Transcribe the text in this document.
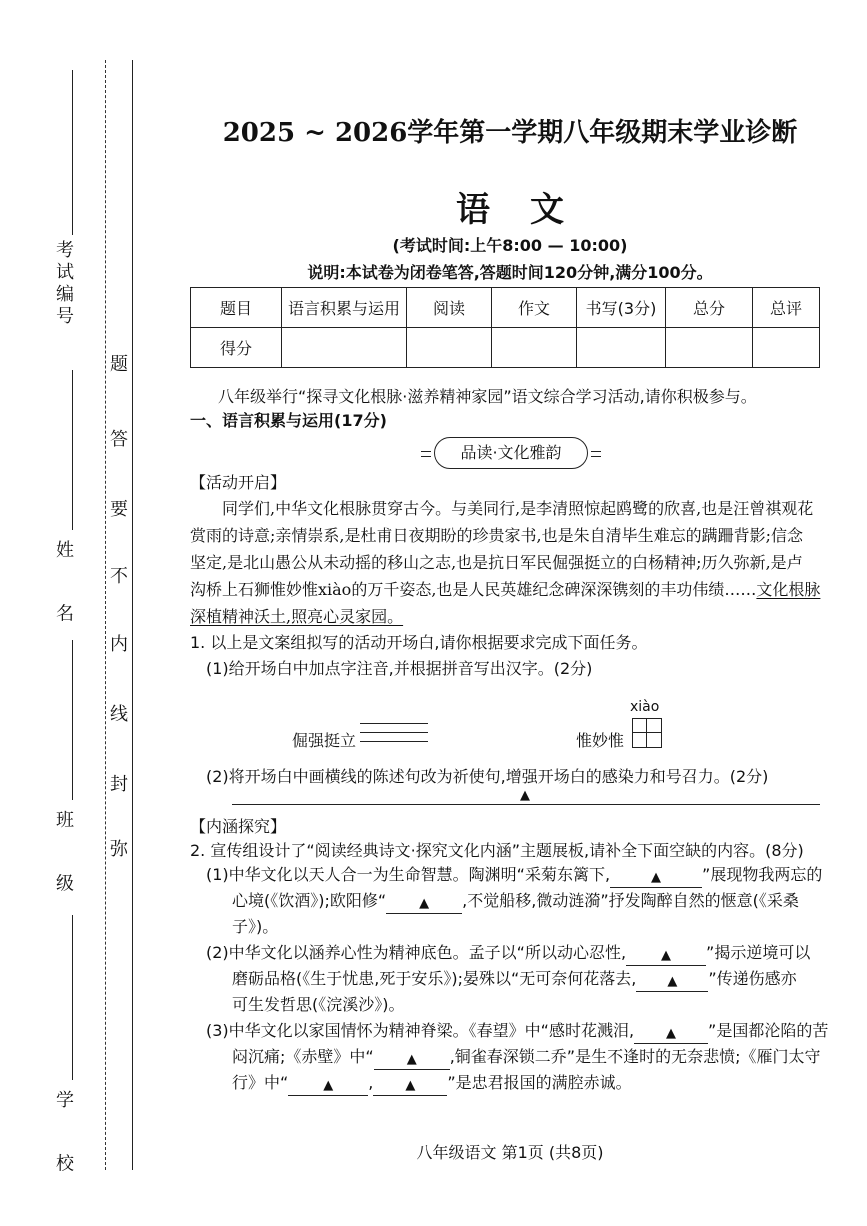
考试编号
姓 名
班 级
学 校
题
答
要
不
内
线
封
弥
2025 ~ 2026学年第一学期八年级期末学业诊断
语文
(考试时间:上午8:00 — 10:00)
说明:本试卷为闭卷笔答,答题时间120分钟,满分100分。
题目	语言积累与运用	阅读	作文	书写(3分)	总分	总评
得分						
八年级举行“探寻文化根脉·滋养精神家园”语文综合学习活动,请你积极参与。
一、语言积累与运用(17分)
品读·文化雅韵
【活动开启】
同学们,中华文化根脉贯穿古今。与美同行,是李清照惊起鸥鹭的欣喜,也是汪曾祺观花
赏雨的诗意;亲情崇系,是杜甫日夜期盼的珍贵家书,也是朱自清毕生难忘的蹒跚背影;信念
坚定,是北山愚公从未动摇的移山之志,也是抗日军民倔强挺立的白杨精神;历久弥新,是卢
沟桥上石狮惟妙惟xiào的万千姿态,也是人民英雄纪念碑深深镌刻的丰功伟绩……文化根脉
深植精神沃土,照亮心灵家园。
1. 以上是文案组拟写的活动开场白,请你根据要求完成下面任务。
(1)给开场白中加点字注音,并根据拼音写出汉字。(2分)
xiào
倔强挺立	惟妙惟
(2)将开场白中画横线的陈述句改为祈使句,增强开场白的感染力和号召力。(2分)
▲
【内涵探究】
2. 宣传组设计了“阅读经典诗文·探究文化内涵”主题展板,请补全下面空缺的内容。(8分)
(1)中华文化以天人合一为生命智慧。陶渊明“采菊东篱下,	▲	”展现物我两忘的
心境(《饮酒》);欧阳修“	▲ ,不觉船移,微动涟漪”抒发陶醉自然的惬意(《采桑
子》)。
(2)中华文化以涵养心性为精神底色。孟子以“所以动心忍性,	▲ ”揭示逆境可以
磨砺品格(《生于忧患,死于安乐》);晏殊以“无可奈何花落去, ▲ ”传递伤感亦
可生发哲思(《浣溪沙》)。
(3)中华文化以家国情怀为精神脊梁。《春望》中“感时花溅泪, ▲ ”是国都沦陷的苦
闷沉痛;《赤壁》中“	▲ ,铜雀春深锁二乔”是生不逢时的无奈悲愤;《雁门太守
行》中“	▲ , ▲ ”是忠君报国的满腔赤诚。
八年级语文 第1页 (共8页)
